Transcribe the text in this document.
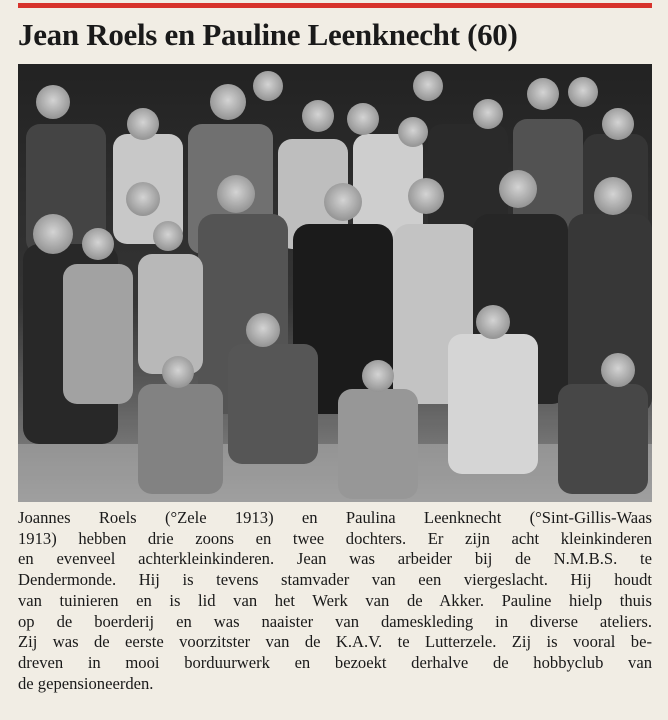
Jean Roels en Pauline Leenknecht (60)
Joannes Roels (°Zele 1913) en Paulina Leenknecht (°Sint-Gillis-Waas
1913) hebben drie zoons en twee dochters. Er zijn acht kleinkinderen
en evenveel achterkleinkinderen. Jean was arbeider bij de N.M.B.S. te
Dendermonde. Hij is tevens stamvader van een viergeslacht. Hij houdt
van tuinieren en is lid van het Werk van de Akker. Pauline hielp thuis
op de boerderij en was naaister van dameskleding in diverse ateliers.
Zij was de eerste voorzitster van de K.A.V. te Lutterzele. Zij is vooral be-
dreven in mooi borduurwerk en bezoekt derhalve de hobbyclub van
de gepensioneerden.
